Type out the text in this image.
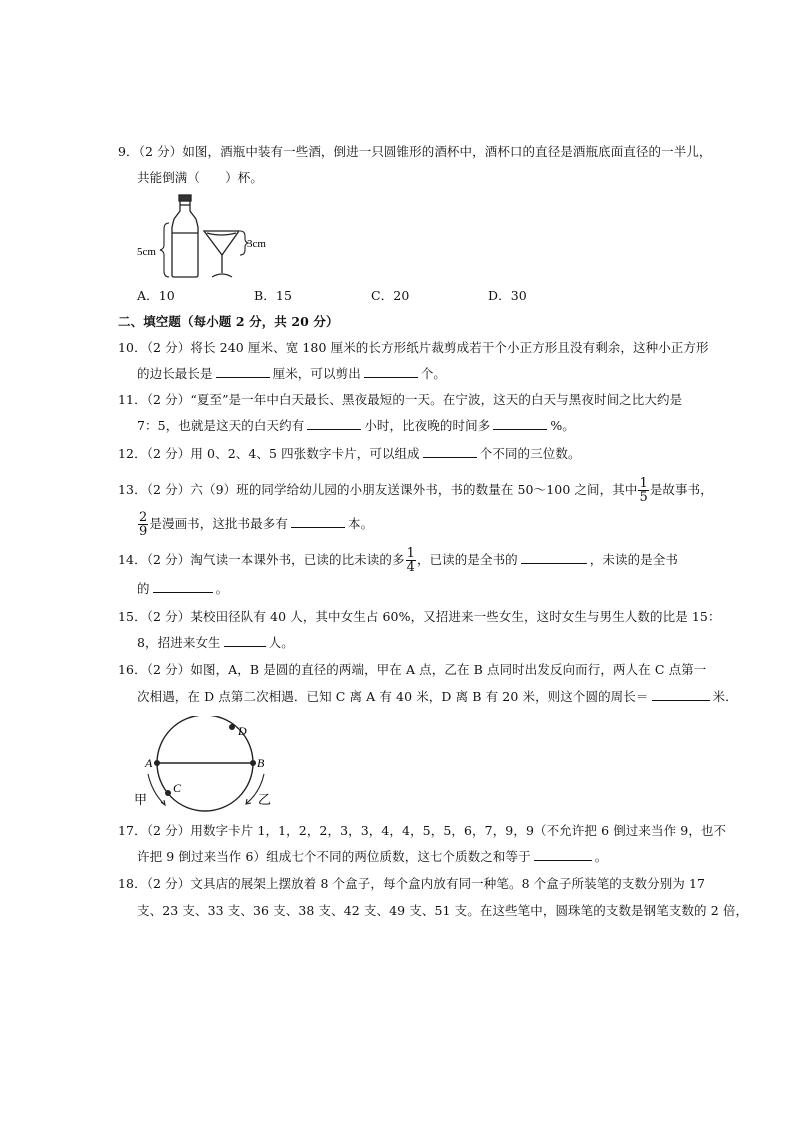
9．（2 分）如图，酒瓶中装有一些酒，倒进一只圆锥形的酒杯中，酒杯口的直径是酒瓶底面直径的一半儿，
共能倒满（　　）杯。
5cm
3cm
A．10	B．15	C．20	D．30
二、填空题（每小题 2 分，共 20 分）
10．（2 分）将长 240 厘米、宽 180 厘米的长方形纸片裁剪成若干个小正方形且没有剩余，这种小正方形
的边长最长是	厘米，可以剪出	个。
11．（2 分）“夏至”是一年中白天最长、黑夜最短的一天。在宁波，这天的白天与黑夜时间之比大约是
7：5，也就是这天的白天约有	小时，比夜晚的时间多	%。
12．（2 分）用 0、2、4、5 四张数字卡片，可以组成	个不同的三位数。
13．（2 分）六（9）班的同学给幼儿园的小朋友送课外书，书的数量在 50～100 之间，其中 $\frac{1}{5}$ 是故事书，
$\frac{2}{9}$ 是漫画书，这批书最多有	本。
14．（2 分）淘气读一本课外书，已读的比未读的多 $\frac{1}{4}$ ，已读的是全书的	，未读的是全书
的	。
15．（2 分）某校田径队有 40 人，其中女生占 60%，又招进来一些女生，这时女生与男生人数的比是 15：
8，招进来女生	人。
16．（2 分）如图，A，B 是圆的直径的两端，甲在 A 点，乙在 B 点同时出发反向而行，两人在 C 点第一
次相遇，在 D 点第二次相遇．已知 C 离 A 有 40 米，D 离 B 有 20 米，则这个圆的周长＝	米．
A	B
C
D
甲	乙
17．（2 分）用数字卡片 1，1，2，2，3，3，4，4，5，5，6，7，9，9（不允许把 6 倒过来当作 9，也不
许把 9 倒过来当作 6）组成七个不同的两位质数，这七个质数之和等于	。
18．（2 分）文具店的展架上摆放着 8 个盒子，每个盒内放有同一种笔。8 个盒子所装笔的支数分别为 17
支、23 支、33 支、36 支、38 支、42 支、49 支、51 支。在这些笔中，圆珠笔的支数是钢笔支数的 2 倍，
